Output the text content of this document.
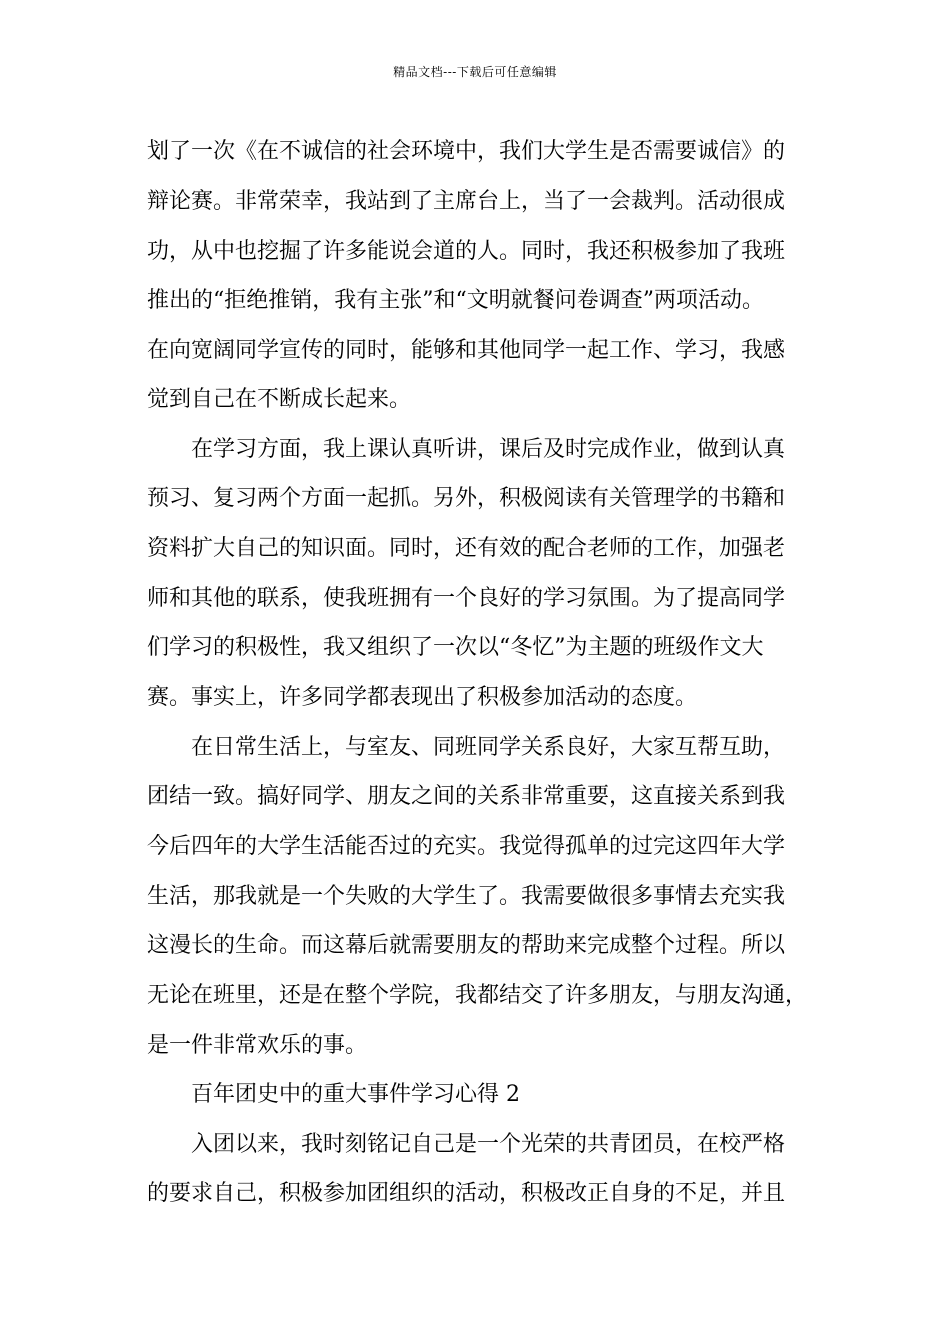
精品文档---下载后可任意编辑
划了一次《在不诚信的社会环境中，我们大学生是否需要诚信》的
辩论赛。非常荣幸，我站到了主席台上，当了一会裁判。活动很成
功，从中也挖掘了许多能说会道的人。同时，我还积极参加了我班
推出的“拒绝推销，我有主张”和“文明就餐问卷调查”两项活动。
在向宽阔同学宣传的同时，能够和其他同学一起工作、学习，我感
觉到自己在不断成长起来。
在学习方面，我上课认真听讲，课后及时完成作业，做到认真
预习、复习两个方面一起抓。另外，积极阅读有关管理学的书籍和
资料扩大自己的知识面。同时，还有效的配合老师的工作，加强老
师和其他的联系，使我班拥有一个良好的学习氛围。为了提高同学
们学习的积极性，我又组织了一次以“冬忆”为主题的班级作文大
赛。事实上，许多同学都表现出了积极参加活动的态度。
在日常生活上，与室友、同班同学关系良好，大家互帮互助，
团结一致。搞好同学、朋友之间的关系非常重要，这直接关系到我
今后四年的大学生活能否过的充实。我觉得孤单的过完这四年大学
生活，那我就是一个失败的大学生了。我需要做很多事情去充实我
这漫长的生命。而这幕后就需要朋友的帮助来完成整个过程。所以
无论在班里，还是在整个学院，我都结交了许多朋友，与朋友沟通，
是一件非常欢乐的事。
百年团史中的重大事件学习心得 2
入团以来，我时刻铭记自己是一个光荣的共青团员，在校严格
的要求自己，积极参加团组织的活动，积极改正自身的不足，并且
